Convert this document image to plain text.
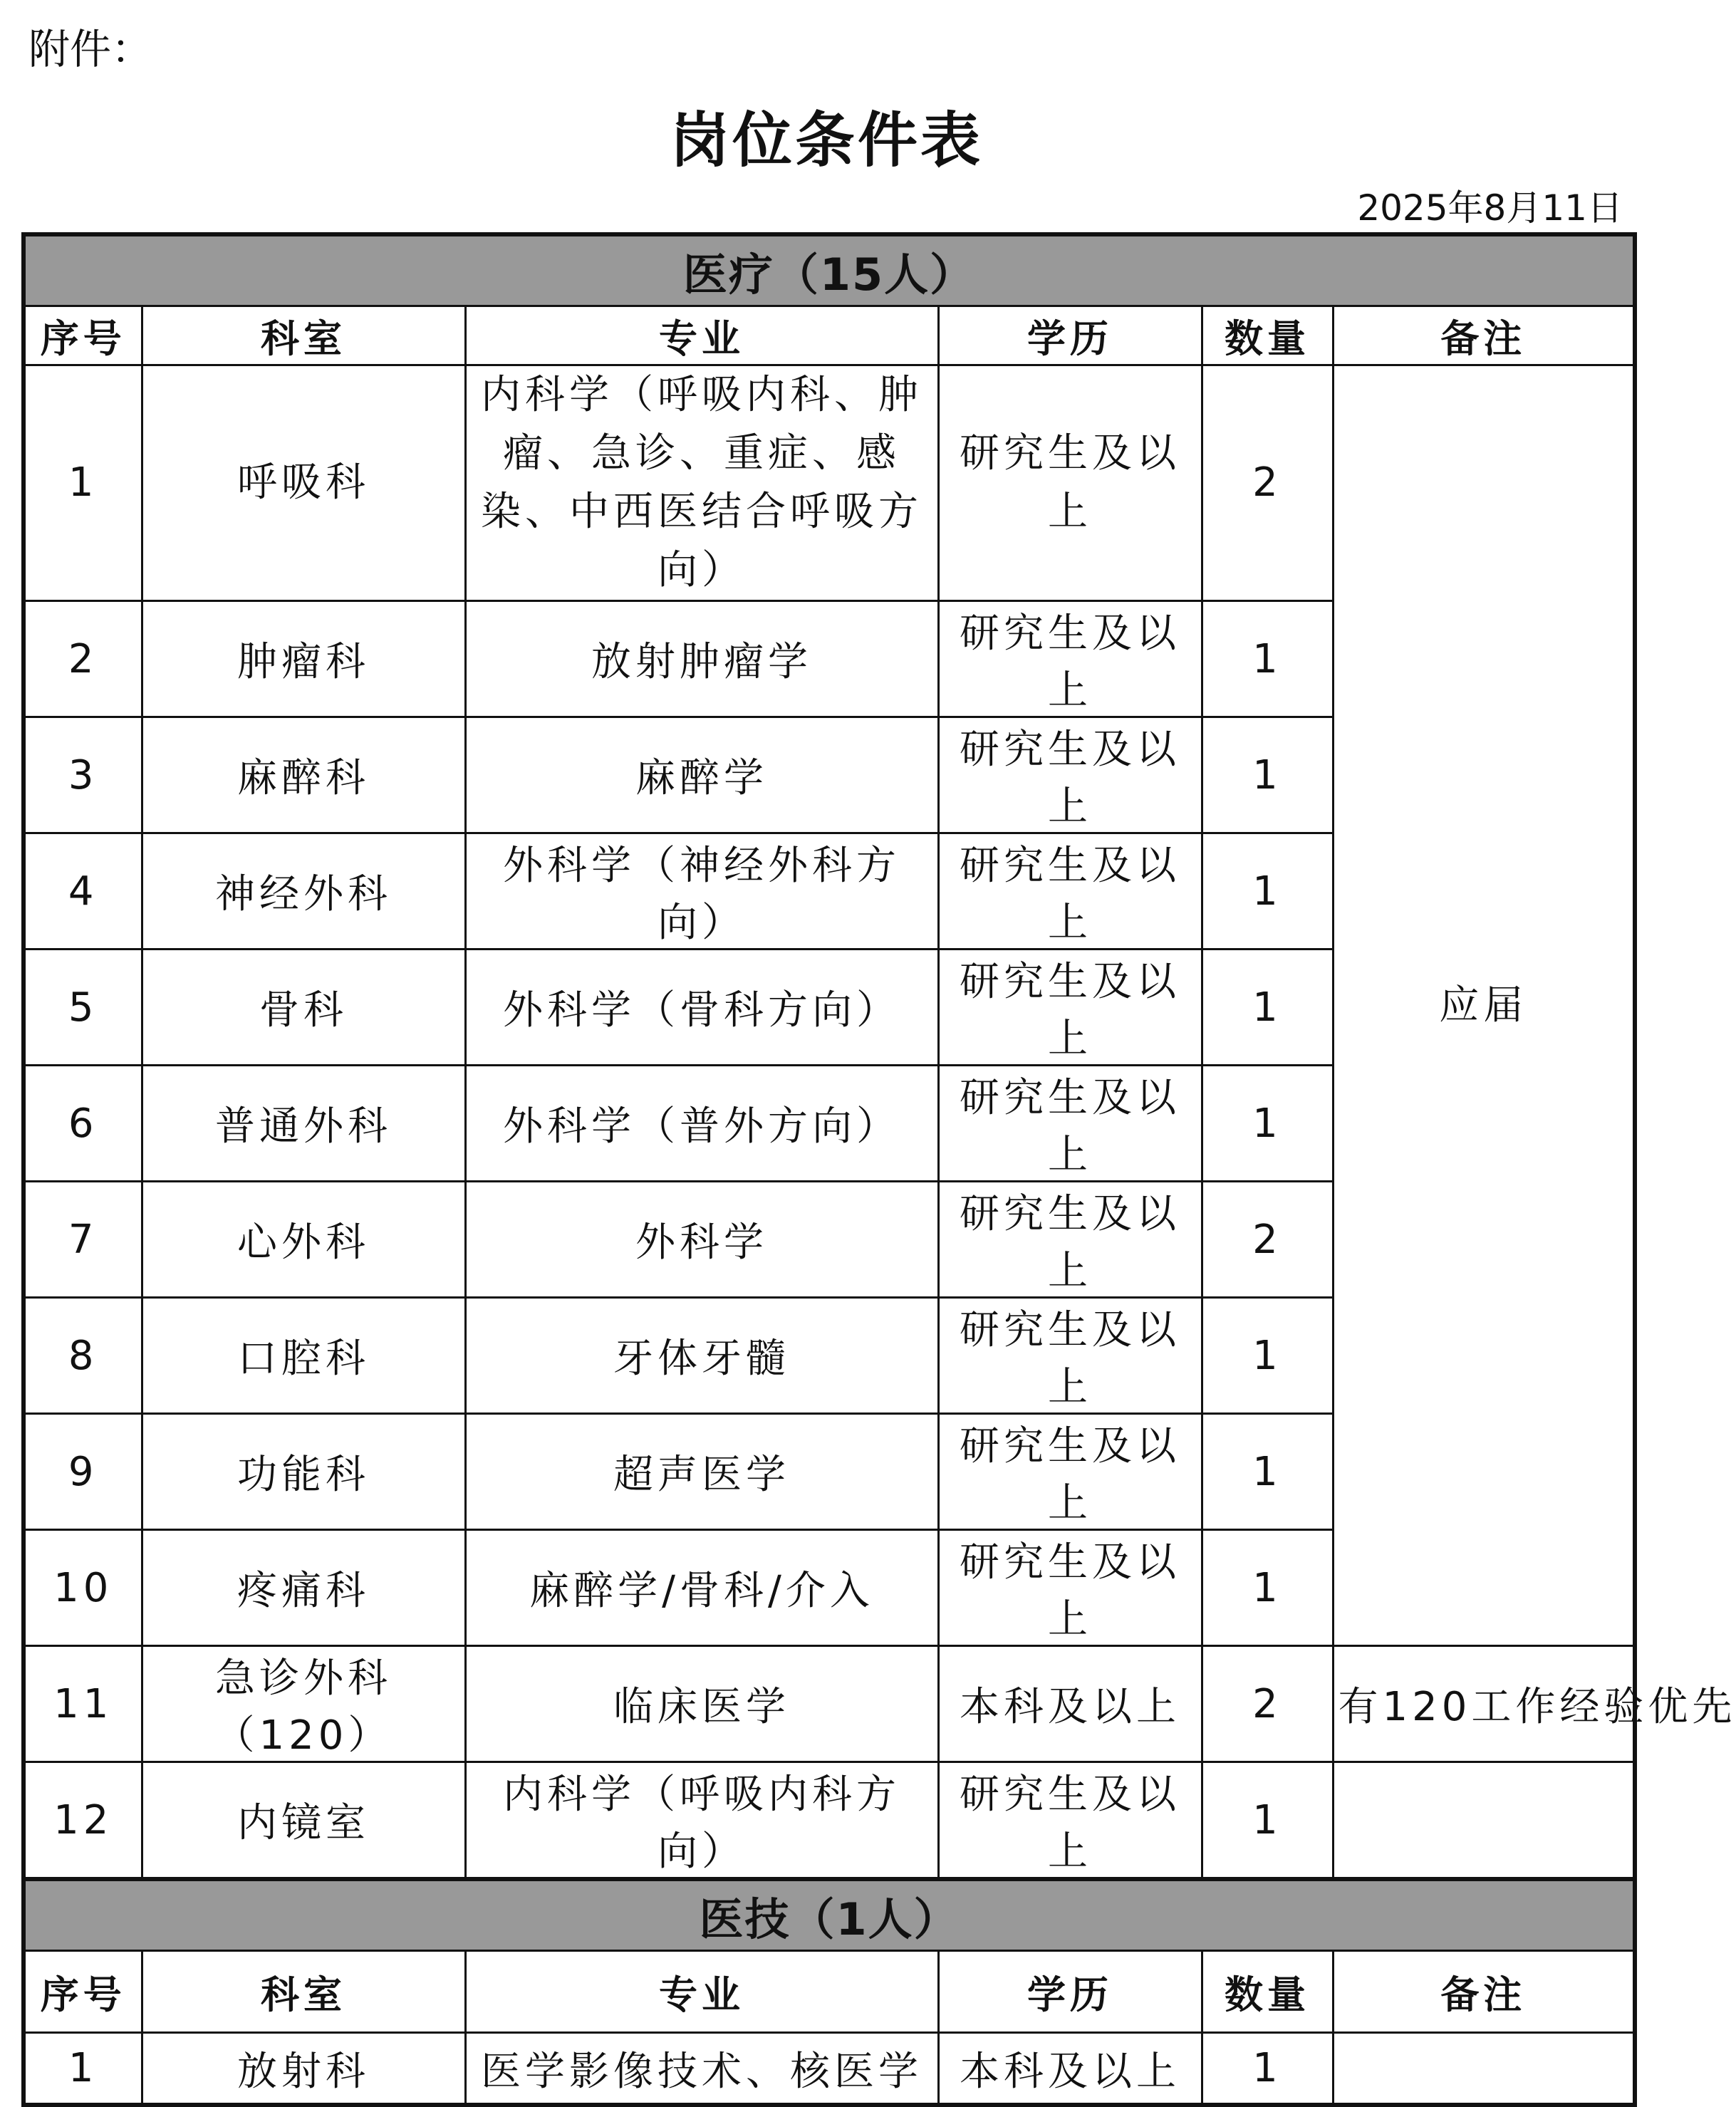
附件：
岗位条件表
2025年8月11日
医疗（15人）					
序号	科室	专业	学历	数量	备注
1	呼吸科	内科学（呼吸内科、肿瘤、急诊、重症、感染、中西医结合呼吸方向）	研究生及以上	2	应届
2	肿瘤科	放射肿瘤学	研究生及以上	1	
3	麻醉科	麻醉学	研究生及以上	1	
4	神经外科	外科学（神经外科方向）	研究生及以上	1	
5	骨科	外科学（骨科方向）	研究生及以上	1	
6	普通外科	外科学（普外方向）	研究生及以上	1	
7	心外科	外科学	研究生及以上	2	
8	口腔科	牙体牙髓	研究生及以上	1	
9	功能科	超声医学	研究生及以上	1	
10	疼痛科	麻醉学/骨科/介入	研究生及以上	1	
11	急诊外科（120）	临床医学	本科及以上	2	有120工作经验优先
12	内镜室	内科学（呼吸内科方向）	研究生及以上	1	
医技（1人）					
序号	科室	专业	学历	数量	备注
1	放射科	医学影像技术、核医学	本科及以上	1	
